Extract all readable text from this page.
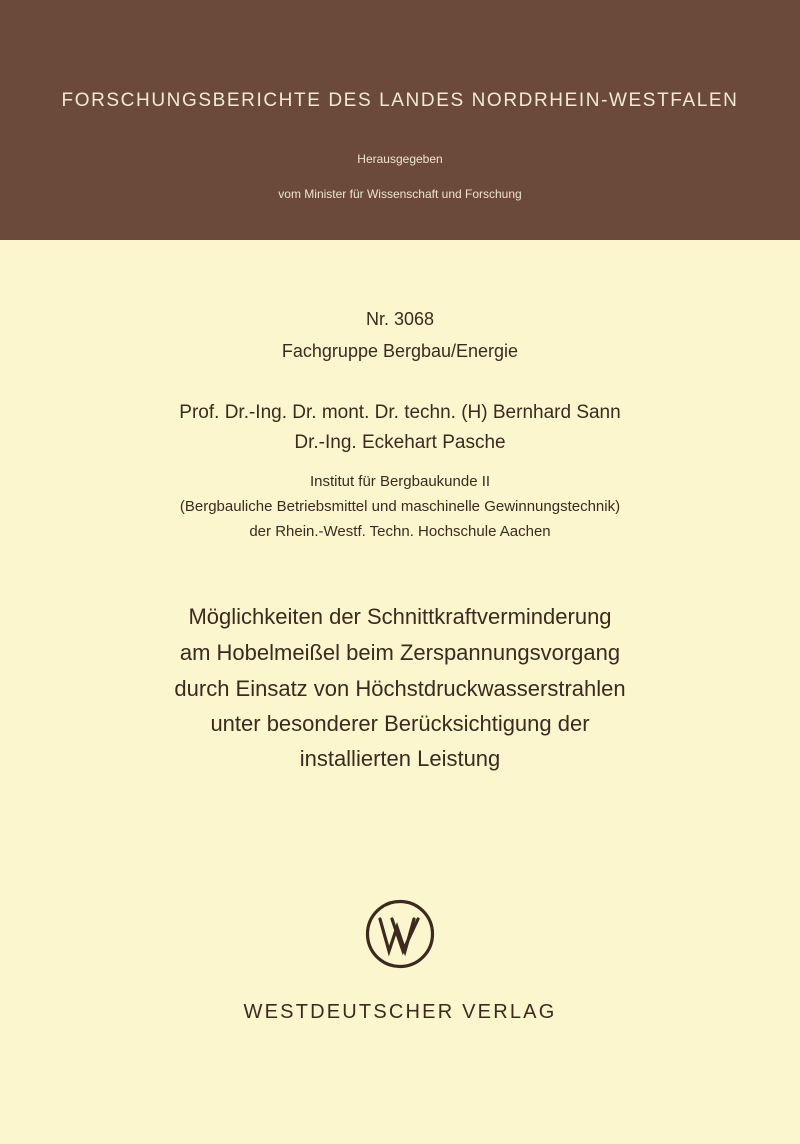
FORSCHUNGSBERICHTE DES LANDES NORDRHEIN-WESTFALEN
Herausgegeben
vom Minister für Wissenschaft und Forschung
Nr. 3068
Fachgruppe Bergbau/Energie
Prof. Dr.-Ing. Dr. mont. Dr. techn. (H) Bernhard Sann
Dr.-Ing. Eckehart Pasche
Institut für Bergbaukunde II
(Bergbauliche Betriebsmittel und maschinelle Gewinnungstechnik)
der Rhein.-Westf. Techn. Hochschule Aachen
Möglichkeiten der Schnittkraftverminderung
am Hobelmeißel beim Zerspannungsvorgang
durch Einsatz von Höchstdruckwasserstrahlen
unter besonderer Berücksichtigung der
installierten Leistung
WESTDEUTSCHER VERLAG
